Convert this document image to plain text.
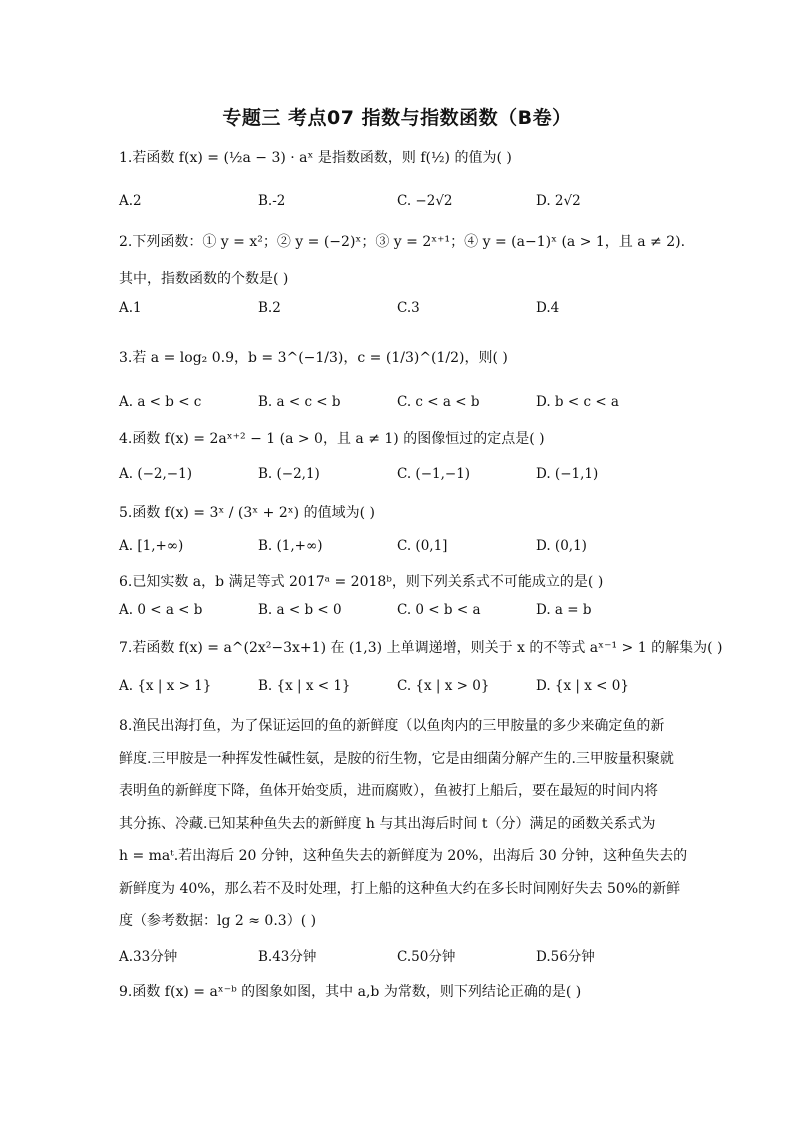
专题三 考点07 指数与指数函数（B卷）
1.若函数 f(x) = (½a − 3) · aˣ 是指数函数，则 f(½) 的值为( )
A.2	B.-2	C. −2√2	D. 2√2
2.下列函数：① y = x²；② y = (−2)ˣ；③ y = 2ˣ⁺¹；④ y = (a−1)ˣ (a > 1，且 a ≠ 2).
其中，指数函数的个数是( )
A.1	B.2	C.3	D.4
3.若 a = log₂ 0.9，b = 3^(−1/3)，c = (1/3)^(1/2)，则( )
A. a < b < c	B. a < c < b	C. c < a < b	D. b < c < a
4.函数 f(x) = 2aˣ⁺² − 1 (a > 0，且 a ≠ 1) 的图像恒过的定点是( )
A. (−2,−1)	B. (−2,1)	C. (−1,−1)	D. (−1,1)
5.函数 f(x) = 3ˣ / (3ˣ + 2ˣ) 的值域为( )
A. [1,+∞)	B. (1,+∞)	C. (0,1]	D. (0,1)
6.已知实数 a，b 满足等式 2017ᵃ = 2018ᵇ，则下列关系式不可能成立的是( )
A. 0 < a < b	B. a < b < 0	C. 0 < b < a	D. a = b
7.若函数 f(x) = a^(2x²−3x+1) 在 (1,3) 上单调递增，则关于 x 的不等式 aˣ⁻¹ > 1 的解集为( )
A. {x | x > 1}	B. {x | x < 1}	C. {x | x > 0}	D. {x | x < 0}
8.渔民出海打鱼，为了保证运回的鱼的新鲜度（以鱼肉内的三甲胺量的多少来确定鱼的新
鲜度.三甲胺是一种挥发性碱性氨，是胺的衍生物，它是由细菌分解产生的.三甲胺量积聚就
表明鱼的新鲜度下降，鱼体开始变质，进而腐败），鱼被打上船后，要在最短的时间内将
其分拣、冷藏.已知某种鱼失去的新鲜度 h 与其出海后时间 t（分）满足的函数关系式为
h = maᵗ.若出海后 20 分钟，这种鱼失去的新鲜度为 20%，出海后 30 分钟，这种鱼失去的
新鲜度为 40%，那么若不及时处理，打上船的这种鱼大约在多长时间刚好失去 50%的新鲜
度（参考数据：lg 2 ≈ 0.3）( )
A.33分钟	B.43分钟	C.50分钟	D.56分钟
9.函数 f(x) = aˣ⁻ᵇ 的图象如图，其中 a,b 为常数，则下列结论正确的是( )
